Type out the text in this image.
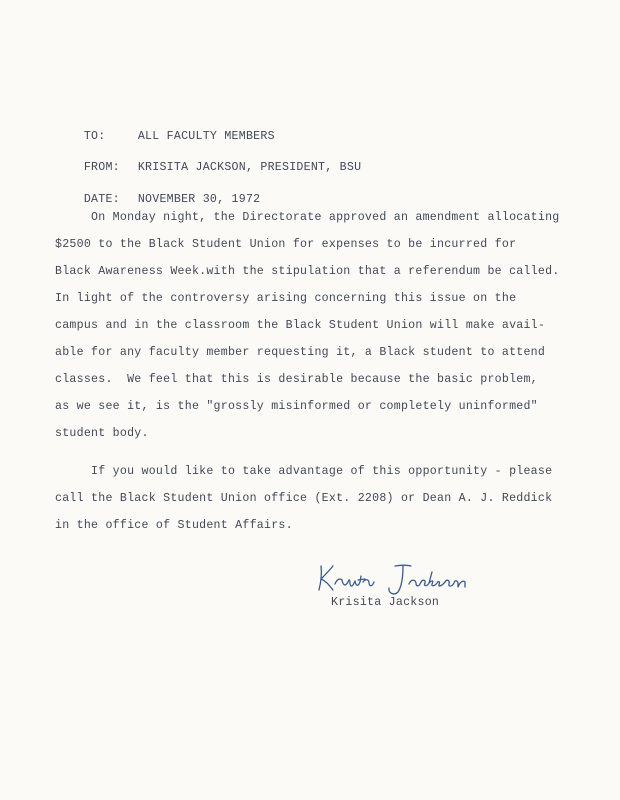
TO:	ALL FACULTY MEMBERS

FROM: KRISITA JACKSON, PRESIDENT, BSU

DATE: NOVEMBER 30, 1972

On Monday night, the Directorate approved an amendment allocating
$2500 to the Black Student Union for expenses to be incurred for
Black Awareness Week.with the stipulation that a referendum be called.
In light of the controversy arising concerning this issue on the
campus and in the classroom the Black Student Union will make avail-
able for any faculty member requesting it, a Black student to attend
classes.  We feel that this is desirable because the basic problem,
as we see it, is the "grossly misinformed or completely uninformed"
student body.
If you would like to take advantage of this opportunity - please
call the Black Student Union office (Ext. 2208) or Dean A. J. Reddick
in the office of Student Affairs.
Krisita Jackson
